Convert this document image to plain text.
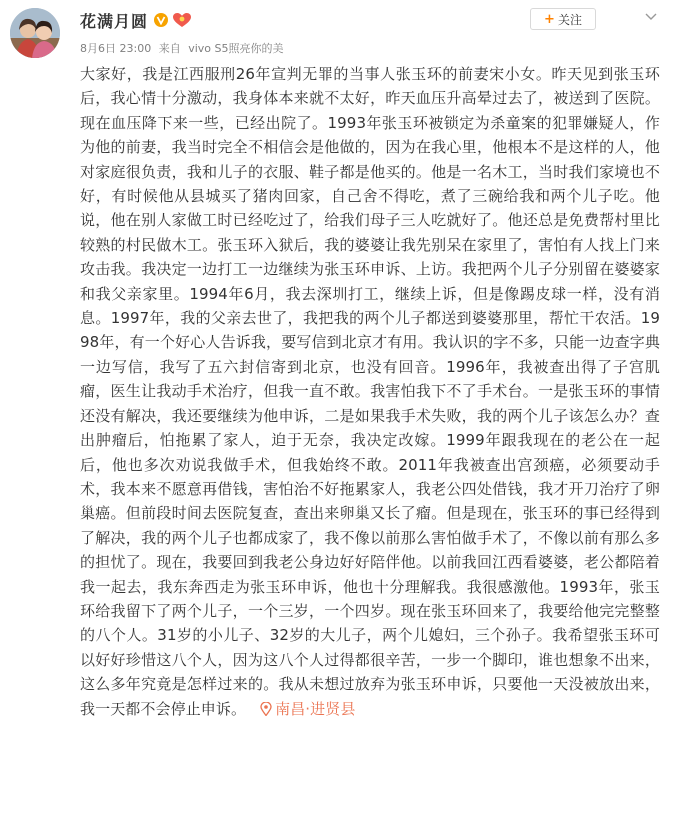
花满月圆
8月6日 23:00
来自
vivo S5照亮你的美
+ 关注
大家好，我是江西服刑26年宣判无罪的当事人张玉环的前妻宋小女。昨天见到张玉环后，我心情十分激动，我身体本来就不太好，昨天血压升高晕过去了，被送到了医院。现在血压降下来一些，已经出院了。1993年张玉环被锁定为杀童案的犯罪嫌疑人，作为他的前妻，我当时完全不相信会是他做的，因为在我心里，他根本不是这样的人，他对家庭很负责，我和儿子的衣服、鞋子都是他买的。他是一名木工，当时我们家境也不好，有时候他从县城买了猪肉回家，自己舍不得吃，煮了三碗给我和两个儿子吃。他说，他在别人家做工时已经吃过了，给我们母子三人吃就好了。他还总是免费帮村里比较熟的村民做木工。张玉环入狱后，我的婆婆让我先别呆在家里了，害怕有人找上门来攻击我。我决定一边打工一边继续为张玉环申诉、上访。我把两个儿子分别留在婆婆家和我父亲家里。1994年6月，我去深圳打工，继续上诉，但是像踢皮球一样，没有消息。1997年，我的父亲去世了，我把我的两个儿子都送到婆婆那里，帮忙干农活。1998年，有一个好心人告诉我，要写信到北京才有用。我认识的字不多，只能一边查字典一边写信，我写了五六封信寄到北京，也没有回音。1996年，我被查出得了子宫肌瘤，医生让我动手术治疗，但我一直不敢。我害怕我下不了手术台。一是张玉环的事情还没有解决，我还要继续为他申诉，二是如果我手术失败，我的两个儿子该怎么办？查出肿瘤后，怕拖累了家人，迫于无奈，我决定改嫁。1999年跟我现在的老公在一起后，他也多次劝说我做手术，但我始终不敢。2011年我被查出宫颈癌，必须要动手术，我本来不愿意再借钱，害怕治不好拖累家人，我老公四处借钱，我才开刀治疗了卵巢癌。但前段时间去医院复查，查出来卵巢又长了瘤。但是现在，张玉环的事已经得到了解决，我的两个儿子也都成家了，我不像以前那么害怕做手术了，不像以前有那么多的担忧了。现在，我要回到我老公身边好好陪伴他。以前我回江西看婆婆，老公都陪着我一起去，我东奔西走为张玉环申诉，他也十分理解我。我很感激他。1993年，张玉环给我留下了两个儿子，一个三岁，一个四岁。现在张玉环回来了，我要给他完完整整的八个人。31岁的小儿子、32岁的大儿子，两个儿媳妇，三个孙子。我希望张玉环可以好好珍惜这八个人，因为这八个人过得都很辛苦，一步一个脚印，谁也想象不出来，这么多年究竟是怎样过来的。我从未想过放弃为张玉环申诉，只要他一天没被放出来，我一天都不会停止申诉。 南昌·进贤县
